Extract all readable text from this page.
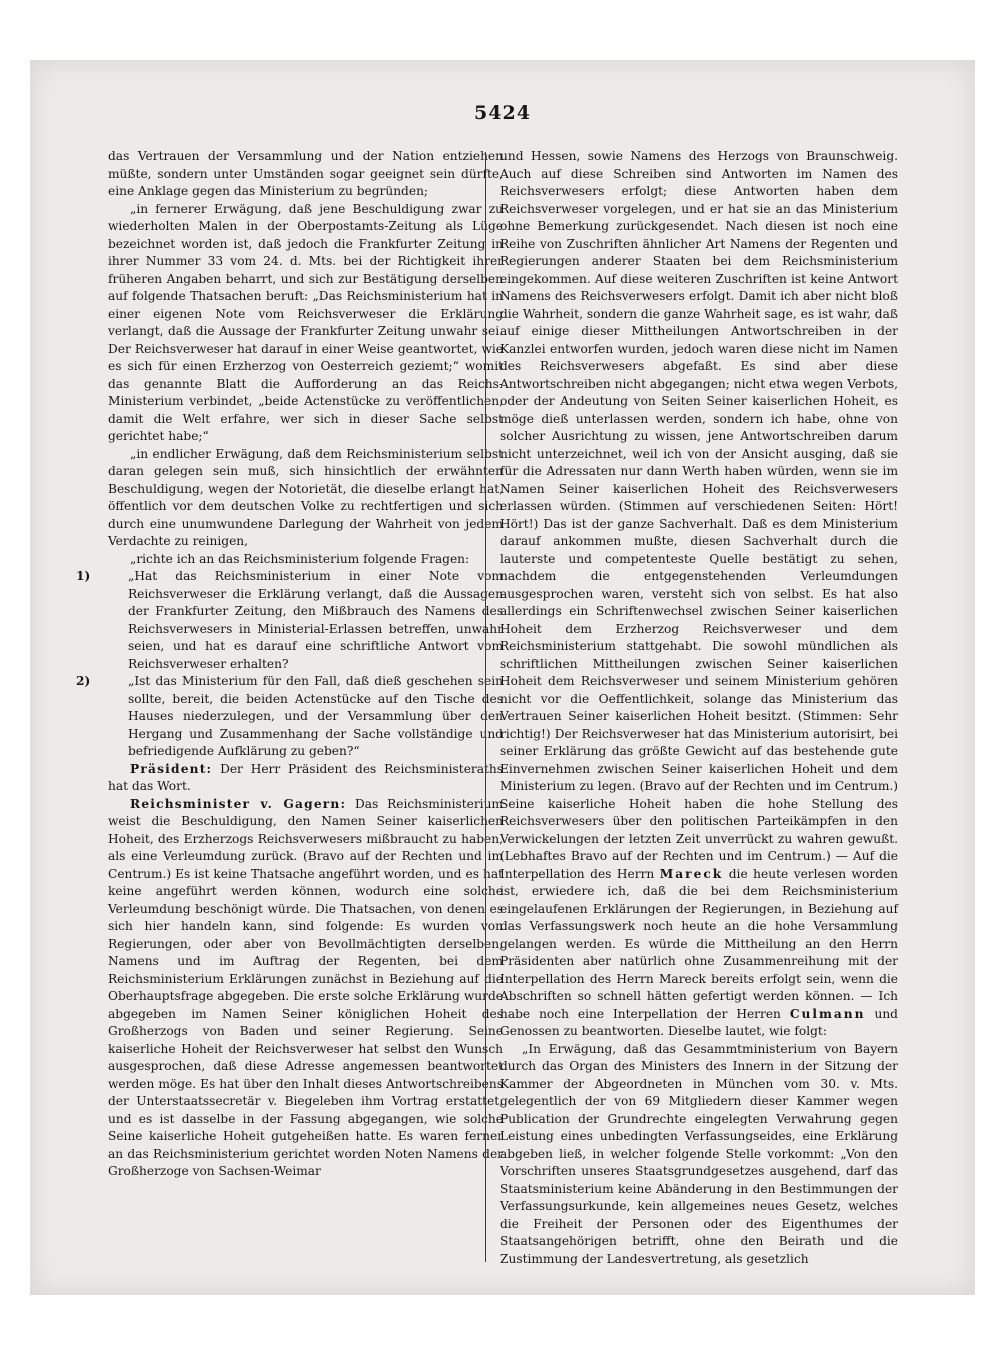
5424

das Vertrauen der Versammlung und der Nation entziehen müßte, sondern unter Umständen sogar geeignet sein dürfte, eine Anklage gegen das Ministerium zu begründen;

„in fernerer Erwägung, daß jene Beschuldigung zwar zu wiederholten Malen in der Oberpostamts-Zeitung als Lüge bezeichnet worden ist, daß jedoch die Frankfurter Zeitung in ihrer Nummer 33 vom 24. d. Mts. bei der Richtigkeit ihrer früheren Angaben beharrt, und sich zur Bestätigung derselben auf folgende Thatsachen beruft: „Das Reichsministerium hat in einer eigenen Note vom Reichsverweser die Erklärung verlangt, daß die Aussage der Frankfurter Zeitung unwahr sei. Der Reichsverweser hat darauf in einer Weise geantwortet, wie es sich für einen Erzherzog von Oesterreich geziemt;“ womit das genannte Blatt die Aufforderung an das Reichs-Ministerium verbindet, „beide Actenstücke zu veröffentlichen, damit die Welt erfahre, wer sich in dieser Sache selbst gerichtet habe;“

„in endlicher Erwägung, daß dem Reichsministerium selbst daran gelegen sein muß, sich hinsichtlich der erwähnten Beschuldigung, wegen der Notorietät, die dieselbe erlangt hat, öffentlich vor dem deutschen Volke zu rechtfertigen und sich durch eine unumwundene Darlegung der Wahrheit von jedem Verdachte zu reinigen,

„richte ich an das Reichsministerium folgende Fragen:

1)	„Hat das Reichsministerium in einer Note vom Reichsverweser die Erklärung verlangt, daß die Aussagen der Frankfurter Zeitung, den Mißbrauch des Namens des Reichsverwesers in Ministerial-Erlassen betreffen, unwahr seien, und hat es darauf eine schriftliche Antwort vom Reichsverweser erhalten?

2)	„Ist das Ministerium für den Fall, daß dieß geschehen sein sollte, bereit, die beiden Actenstücke auf den Tische des Hauses niederzulegen, und der Versammlung über den Hergang und Zusammenhang der Sache vollständige und befriedigende Aufklärung zu geben?“

Präsident: Der Herr Präsident des Reichsministeraths hat das Wort.

Reichsminister v. Gagern: Das Reichsministerium weist die Beschuldigung, den Namen Seiner kaiserlichen Hoheit, des Erzherzogs Reichsverwesers mißbraucht zu haben, als eine Verleumdung zurück. (Bravo auf der Rechten und im Centrum.) Es ist keine Thatsache angeführt worden, und es hat keine angeführt werden können, wodurch eine solche Verleumdung beschönigt würde. Die Thatsachen, von denen es sich hier handeln kann, sind folgende: Es wurden von Regierungen, oder aber von Bevollmächtigten derselben, Namens und im Auftrag der Regenten, bei dem Reichsministerium Erklärungen zunächst in Beziehung auf die Oberhauptsfrage abgegeben. Die erste solche Erklärung wurde abgegeben im Namen Seiner königlichen Hoheit des Großherzogs von Baden und seiner Regierung. Seine kaiserliche Hoheit der Reichsverweser hat selbst den Wunsch ausgesprochen, daß diese Adresse angemessen beantwortet werden möge. Es hat über den Inhalt dieses Antwortschreibens der Unterstaatssecretär v. Biegeleben ihm Vortrag erstattet, und es ist dasselbe in der Fassung abgegangen, wie solche Seine kaiserliche Hoheit gutgeheißen hatte. Es waren ferner an das Reichsministerium gerichtet worden Noten Namens der Großherzoge von Sachsen-Weimar

und Hessen, sowie Namens des Herzogs von Braunschweig. Auch auf diese Schreiben sind Antworten im Namen des Reichsverwesers erfolgt; diese Antworten haben dem Reichsverweser vorgelegen, und er hat sie an das Ministerium ohne Bemerkung zurückgesendet. Nach diesen ist noch eine Reihe von Zuschriften ähnlicher Art Namens der Regenten und Regierungen anderer Staaten bei dem Reichsministerium eingekommen. Auf diese weiteren Zuschriften ist keine Antwort Namens des Reichsverwesers erfolgt. Damit ich aber nicht bloß die Wahrheit, sondern die ganze Wahrheit sage, es ist wahr, daß auf einige dieser Mittheilungen Antwortschreiben in der Kanzlei entworfen wurden, jedoch waren diese nicht im Namen des Reichsverwesers abgefaßt. Es sind aber diese Antwortschreiben nicht abgegangen; nicht etwa wegen Verbots, oder der Andeutung von Seiten Seiner kaiserlichen Hoheit, es möge dieß unterlassen werden, sondern ich habe, ohne von solcher Ausrichtung zu wissen, jene Antwortschreiben darum nicht unterzeichnet, weil ich von der Ansicht ausging, daß sie für die Adressaten nur dann Werth haben würden, wenn sie im Namen Seiner kaiserlichen Hoheit des Reichsverwesers erlassen würden. (Stimmen auf verschiedenen Seiten: Hört! Hört!) Das ist der ganze Sachverhalt. Daß es dem Ministerium darauf ankommen mußte, diesen Sachverhalt durch die lauterste und competenteste Quelle bestätigt zu sehen, nachdem die entgegenstehenden Verleumdungen ausgesprochen waren, versteht sich von selbst. Es hat also allerdings ein Schriftenwechsel zwischen Seiner kaiserlichen Hoheit dem Erzherzog Reichsverweser und dem Reichsministerium stattgehabt. Die sowohl mündlichen als schriftlichen Mittheilungen zwischen Seiner kaiserlichen Hoheit dem Reichsverweser und seinem Ministerium gehören nicht vor die Oeffentlichkeit, solange das Ministerium das Vertrauen Seiner kaiserlichen Hoheit besitzt. (Stimmen: Sehr richtig!) Der Reichsverweser hat das Ministerium autorisirt, bei seiner Erklärung das größte Gewicht auf das bestehende gute Einvernehmen zwischen Seiner kaiserlichen Hoheit und dem Ministerium zu legen. (Bravo auf der Rechten und im Centrum.) Seine kaiserliche Hoheit haben die hohe Stellung des Reichsverwesers über den politischen Parteikämpfen in den Verwickelungen der letzten Zeit unverrückt zu wahren gewußt. (Lebhaftes Bravo auf der Rechten und im Centrum.) — Auf die Interpellation des Herrn Mareck die heute verlesen worden ist, erwiedere ich, daß die bei dem Reichsministerium eingelaufenen Erklärungen der Regierungen, in Beziehung auf das Verfassungswerk noch heute an die hohe Versammlung gelangen werden. Es würde die Mittheilung an den Herrn Präsidenten aber natürlich ohne Zusammenreihung mit der Interpellation des Herrn Mareck bereits erfolgt sein, wenn die Abschriften so schnell hätten gefertigt werden können. — Ich habe noch eine Interpellation der Herren Culmann und Genossen zu beantworten. Dieselbe lautet, wie folgt:

„In Erwägung, daß das Gesammtministerium von Bayern durch das Organ des Ministers des Innern in der Sitzung der Kammer der Abgeordneten in München vom 30. v. Mts. gelegentlich der von 69 Mitgliedern dieser Kammer wegen Publication der Grundrechte eingelegten Verwahrung gegen Leistung eines unbedingten Verfassungseides, eine Erklärung abgeben ließ, in welcher folgende Stelle vorkommt: „Von den Vorschriften unseres Staatsgrundgesetzes ausgehend, darf das Staatsministerium keine Abänderung in den Bestimmungen der Verfassungsurkunde, kein allgemeines neues Gesetz, welches die Freiheit der Personen oder des Eigenthumes der Staatsangehörigen betrifft, ohne den Beirath und die Zustimmung der Landesvertretung, als gesetzlich
